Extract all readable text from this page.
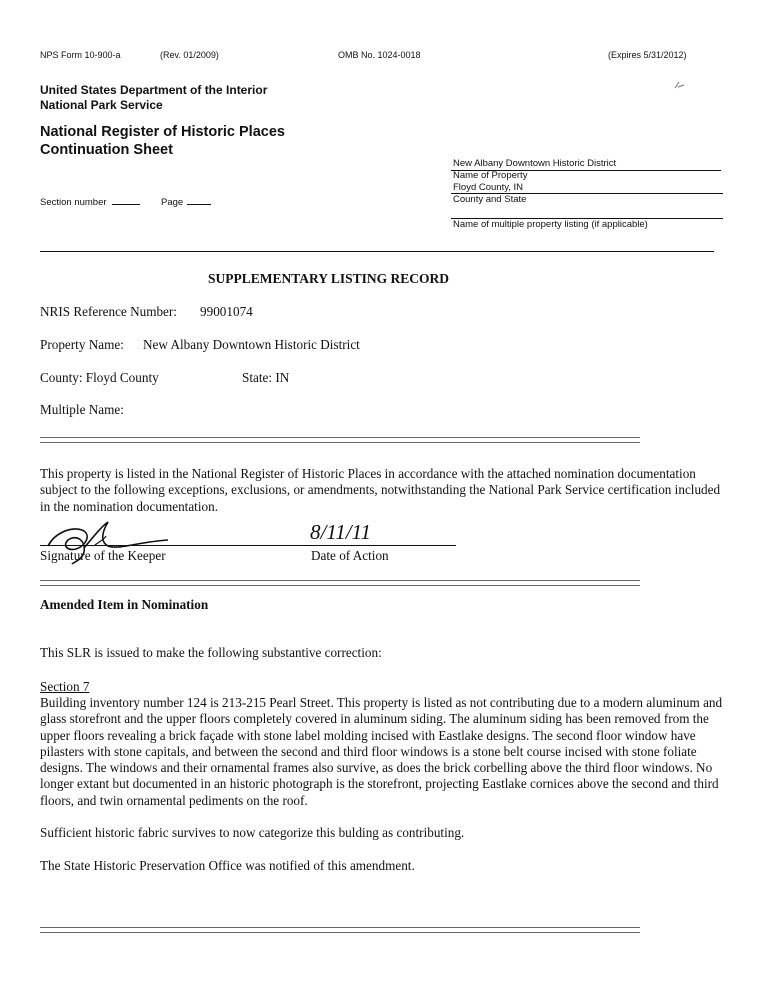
NPS Form 10-900-a	(Rev. 01/2009)	OMB No. 1024-0018	(Expires 5/31/2012)
United States Department of the Interior
National Park Service
National Register of Historic Places
Continuation Sheet
New Albany Downtown Historic District
Name of Property
Floyd County, IN
County and State
Name of multiple property listing (if applicable)
Section number	Page
SUPPLEMENTARY LISTING RECORD
NRIS Reference Number: 99001074
Property Name: New Albany Downtown Historic District
County: Floyd County	State: IN
Multiple Name:
This property is listed in the National Register of Historic Places in accordance with the attached nomination documentation subject to the following exceptions, exclusions, or amendments, notwithstanding the National Park Service certification included in the nomination documentation.
8/11/11
Signature of the Keeper	Date of Action
Amended Item in Nomination
This SLR is issued to make the following substantive correction:
Section 7
Building inventory number 124 is 213-215 Pearl Street. This property is listed as not contributing due to a modern aluminum and glass storefront and the upper floors completely covered in aluminum siding. The aluminum siding has been removed from the upper floors revealing a brick façade with stone label molding incised with Eastlake designs. The second floor window have pilasters with stone capitals, and between the second and third floor windows is a stone belt course incised with stone foliate designs. The windows and their ornamental frames also survive, as does the brick corbelling above the third floor windows. No longer extant but documented in an historic photograph is the storefront, projecting Eastlake cornices above the second and third floors, and twin ornamental pediments on the roof.
Sufficient historic fabric survives to now categorize this bulding as contributing.
The State Historic Preservation Office was notified of this amendment.
